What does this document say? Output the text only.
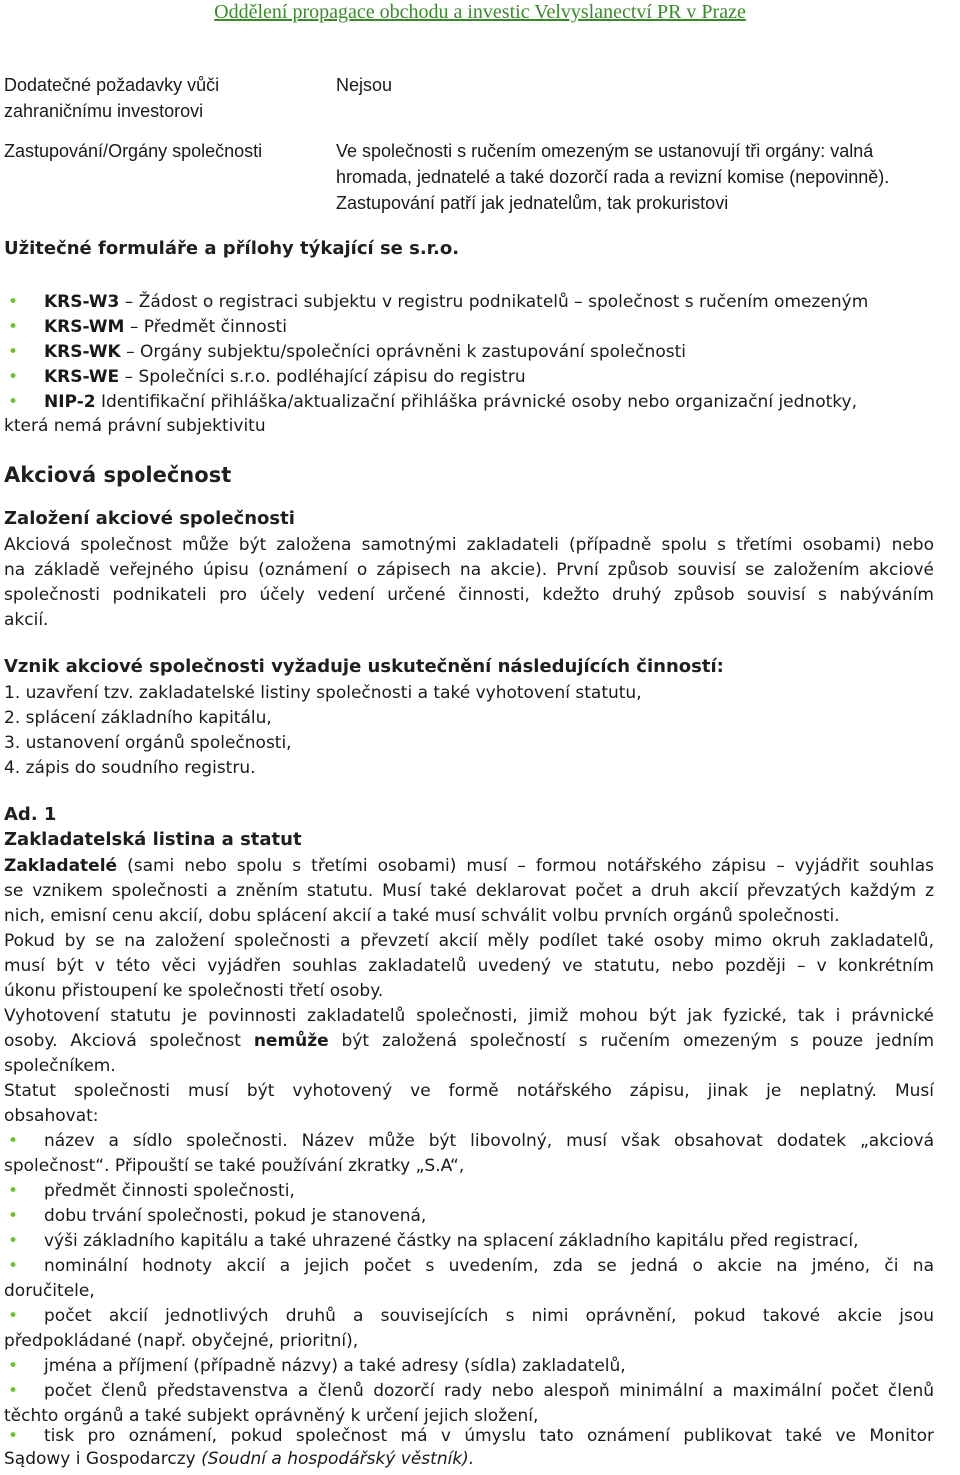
Oddělení propagace obchodu a investic Velvyslanectví PR v Praze
Dodatečné požadavky vůči
zahraničnímu investorovi
Nejsou
Zastupování/Orgány společnosti	Ve společnosti s ručením omezeným se ustanovují tři orgány: valná
hromada, jednatelé a také dozorčí rada a revizní komise (nepovinně).
Zastupování patří jak jednatelům, tak prokuristovi
Užitečné formuláře a přílohy týkající se s.r.o.
• KRS-W3 – Žádost o registraci subjektu v registru podnikatelů – společnost s ručením omezeným
• KRS-WM – Předmět činnosti
• KRS-WK – Orgány subjektu/společníci oprávněni k zastupování společnosti
• KRS-WE – Společníci s.r.o. podléhající zápisu do registru
• NIP-2 Identifikační přihláška/aktualizační přihláška právnické osoby nebo organizační jednotky,
která nemá právní subjektivitu
Akciová společnost
Založení akciové společnosti
Akciová společnost může být založena samotnými zakladateli (případně spolu s třetími osobami) nebo
na základě veřejného úpisu (oznámení o zápisech na akcie). První způsob souvisí se založením akciové
společnosti podnikateli pro účely vedení určené činnosti, kdežto druhý způsob souvisí s nabýváním
akcií.
Vznik akciové společnosti vyžaduje uskutečnění následujících činností:
1. uzavření tzv. zakladatelské listiny společnosti a také vyhotovení statutu,
2. splácení základního kapitálu,
3. ustanovení orgánů společnosti,
4. zápis do soudního registru.
Ad. 1
Zakladatelská listina a statut
Zakladatelé (sami nebo spolu s třetími osobami) musí – formou notářského zápisu – vyjádřit souhlas
se vznikem společnosti a zněním statutu. Musí také deklarovat počet a druh akcií převzatých každým z
nich, emisní cenu akcií, dobu splácení akcií a také musí schválit volbu prvních orgánů společnosti.
Pokud by se na založení společnosti a převzetí akcií měly podílet také osoby mimo okruh zakladatelů,
musí být v této věci vyjádřen souhlas zakladatelů uvedený ve statutu, nebo později – v konkrétním
úkonu přistoupení ke společnosti třetí osoby.
Vyhotovení statutu je povinnosti zakladatelů společnosti, jimiž mohou být jak fyzické, tak i právnické
osoby. Akciová společnost nemůže být založená společností s ručením omezeným s pouze jedním
společníkem.
Statut společnosti musí být vyhotovený ve formě notářského zápisu, jinak je neplatný. Musí
obsahovat:
• název a sídlo společnosti. Název může být libovolný, musí však obsahovat dodatek „akciová
společnost“. Připouští se také používání zkratky „S.A“,
• předmět činnosti společnosti,
• dobu trvání společnosti, pokud je stanovená,
• výši základního kapitálu a také uhrazené částky na splacení základního kapitálu před registrací,
• nominální hodnoty akcií a jejich počet s uvedením, zda se jedná o akcie na jméno, či na
doručitele,
• počet akcií jednotlivých druhů a souvisejících s nimi oprávnění, pokud takové akcie jsou
předpokládané (např. obyčejné, prioritní),
• jména a příjmení (případně názvy) a také adresy (sídla) zakladatelů,
• počet členů představenstva a členů dozorčí rady nebo alespoň minimální a maximální počet členů
těchto orgánů a také subjekt oprávněný k určení jejich složení,
• tisk pro oznámení, pokud společnost má v úmyslu tato oznámení publikovat také ve Monitor
Sądowy i Gospodarczy (Soudní a hospodářský věstník).
